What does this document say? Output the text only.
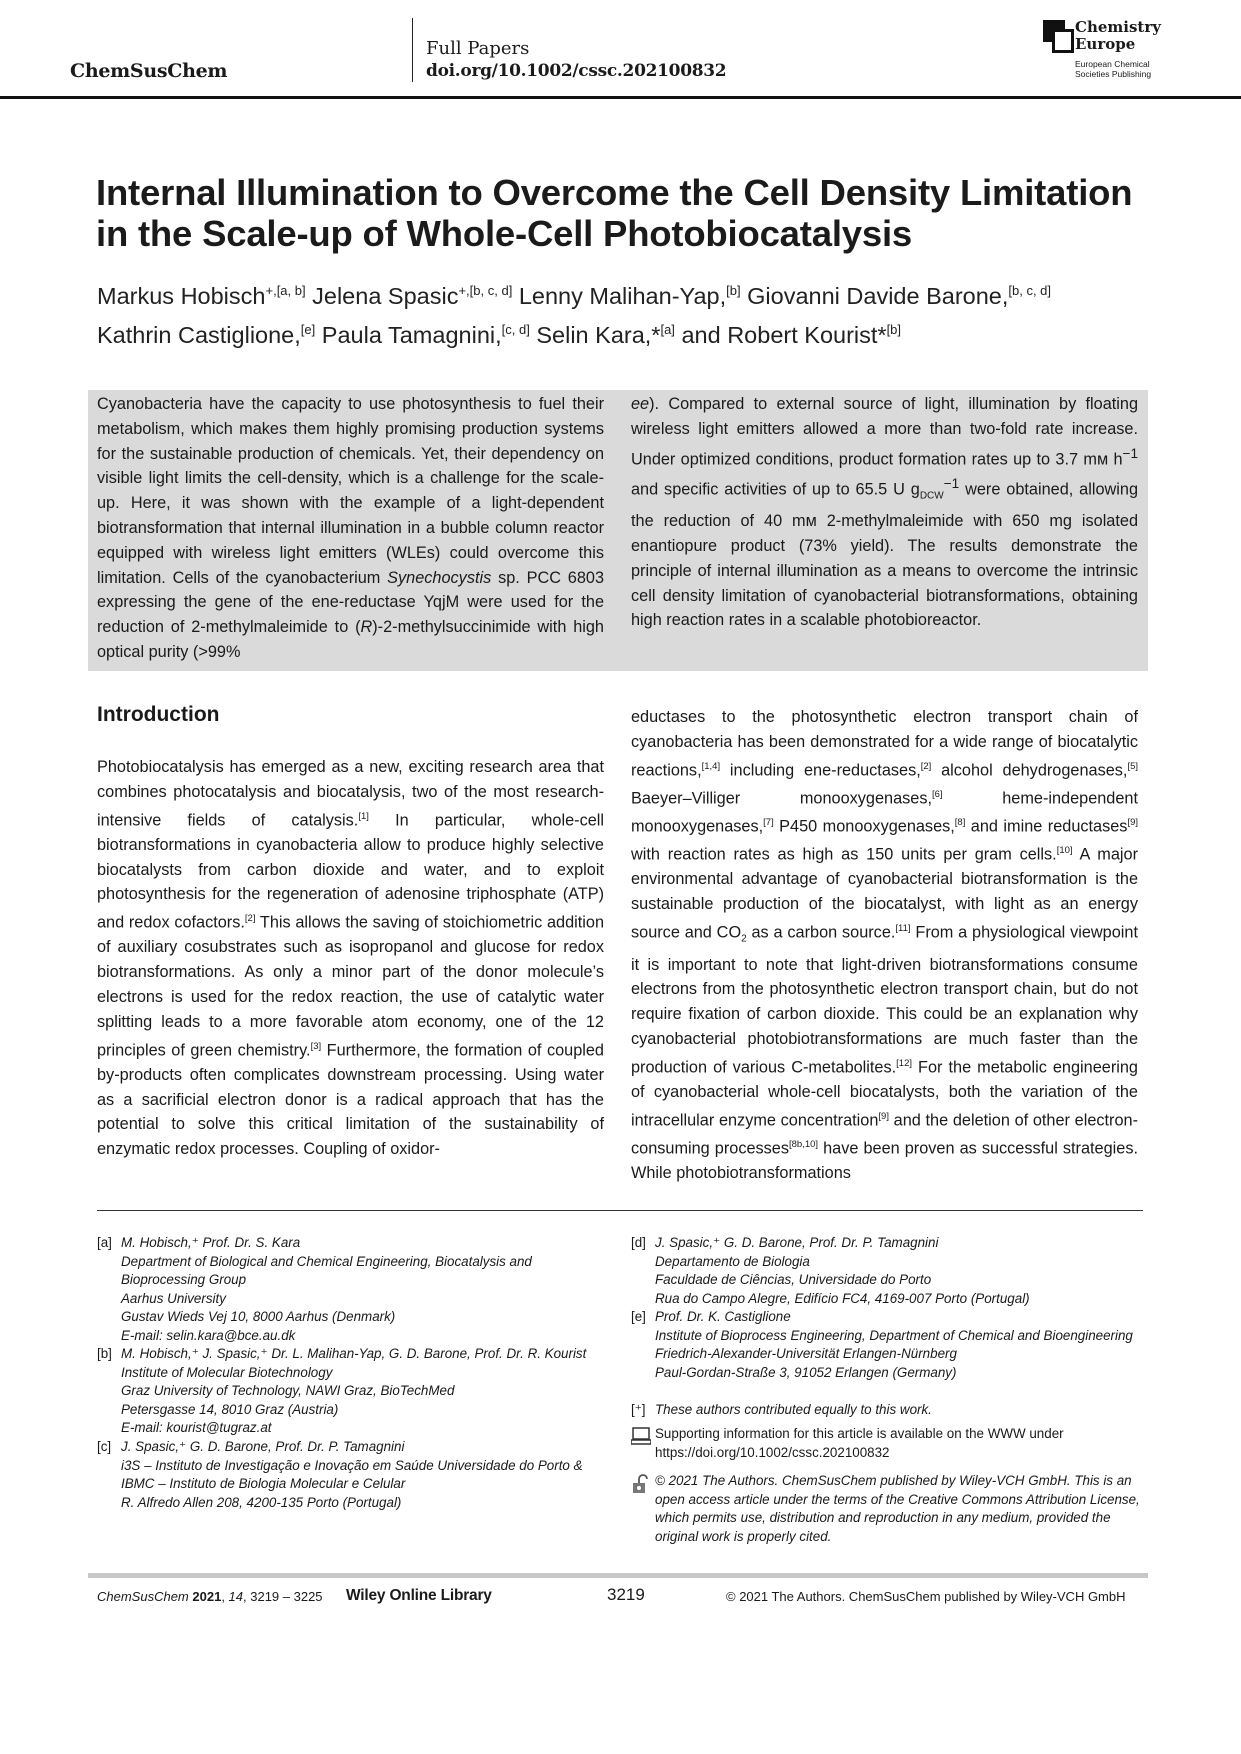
ChemSusChem
Full Papers
doi.org/10.1002/cssc.202100832
Chemistry
Europe
European Chemical
Societies Publishing
Internal Illumination to Overcome the Cell Density Limitation in the Scale-up of Whole-Cell Photobiocatalysis
Markus Hobisch$^{+,[a, b]}$ Jelena Spasic$^{+,[b, c, d]}$ Lenny Malihan-Yap,[b] Giovanni Davide Barone,[b, c, d]
Kathrin Castiglione,[e] Paula Tamagnini,[c, d] Selin Kara,*[a] and Robert Kourist*[b]
Cyanobacteria have the capacity to use photosynthesis to fuel their metabolism, which makes them highly promising production systems for the sustainable production of chemicals. Yet, their dependency on visible light limits the cell-density, which is a challenge for the scale-up. Here, it was shown with the example of a light-dependent biotransformation that internal illumination in a bubble column reactor equipped with wireless light emitters (WLEs) could overcome this limitation. Cells of the cyanobacterium Synechocystis sp. PCC 6803 expressing the gene of the ene-reductase YqjM were used for the reduction of 2-methylmaleimide to (R)-2-methylsuccinimide with high optical purity (>99%
ee). Compared to external source of light, illumination by floating wireless light emitters allowed a more than two-fold rate increase. Under optimized conditions, product formation rates up to 3.7 mᴍ $h^{-1}$ and specific activities of up to 65.5 U $g_{DCW}^{-1}$ were obtained, allowing the reduction of 40 mᴍ 2-methylmaleimide with 650 mg isolated enantiopure product (73% yield). The results demonstrate the principle of internal illumination as a means to overcome the intrinsic cell density limitation of cyanobacterial biotransformations, obtaining high reaction rates in a scalable photobioreactor.
Introduction
Photobiocatalysis has emerged as a new, exciting research area that combines photocatalysis and biocatalysis, two of the most research-intensive fields of catalysis.[1] In particular, whole-cell biotransformations in cyanobacteria allow to produce highly selective biocatalysts from carbon dioxide and water, and to exploit photosynthesis for the regeneration of adenosine triphosphate (ATP) and redox cofactors.[2] This allows the saving of stoichiometric addition of auxiliary cosubstrates such as isopropanol and glucose for redox biotransformations. As only a minor part of the donor molecule’s electrons is used for the redox reaction, the use of catalytic water splitting leads to a more favorable atom economy, one of the 12 principles of green chemistry.[3] Furthermore, the formation of coupled by-products often complicates downstream processing. Using water as a sacrificial electron donor is a radical approach that has the potential to solve this critical limitation of the sustainability of enzymatic redox processes. Coupling of oxidor-
eductases to the photosynthetic electron transport chain of cyanobacteria has been demonstrated for a wide range of biocatalytic reactions,[1,4] including ene-reductases,[2] alcohol dehydrogenases,[5] Baeyer–Villiger monooxygenases,[6] heme-independent monooxygenases,[7] P450 monooxygenases,[8] and imine reductases[9] with reaction rates as high as 150 units per gram cells.[10] A major environmental advantage of cyanobacterial biotransformation is the sustainable production of the biocatalyst, with light as an energy source and $CO_2$ as a carbon source.[11] From a physiological viewpoint it is important to note that light-driven biotransformations consume electrons from the photosynthetic electron transport chain, but do not require fixation of carbon dioxide. This could be an explanation why cyanobacterial photobiotransformations are much faster than the production of various C-metabolites.[12] For the metabolic engineering of cyanobacterial whole-cell biocatalysts, both the variation of the intracellular enzyme concentration[9] and the deletion of other electron-consuming processes[8b,10] have been proven as successful strategies. While photobiotransformations
[a] M. Hobisch,⁺ Prof. Dr. S. Kara
Department of Biological and Chemical Engineering, Biocatalysis and Bioprocessing Group
Aarhus University
Gustav Wieds Vej 10, 8000 Aarhus (Denmark)
E-mail: selin.kara@bce.au.dk
[b] M. Hobisch,⁺ J. Spasic,⁺ Dr. L. Malihan-Yap, G. D. Barone, Prof. Dr. R. Kourist
Institute of Molecular Biotechnology
Graz University of Technology, NAWI Graz, BioTechMed
Petersgasse 14, 8010 Graz (Austria)
E-mail: kourist@tugraz.at
[c] J. Spasic,⁺ G. D. Barone, Prof. Dr. P. Tamagnini
i3S – Instituto de Investigação e Inovação em Saúde Universidade do Porto & IBMC – Instituto de Biologia Molecular e Celular
R. Alfredo Allen 208, 4200-135 Porto (Portugal)
[d] J. Spasic,⁺ G. D. Barone, Prof. Dr. P. Tamagnini
Departamento de Biologia
Faculdade de Ciências, Universidade do Porto
Rua do Campo Alegre, Edifício FC4, 4169-007 Porto (Portugal)
[e] Prof. Dr. K. Castiglione
Institute of Bioprocess Engineering, Department of Chemical and Bioengineering
Friedrich-Alexander-Universität Erlangen-Nürnberg
Paul-Gordan-Straße 3, 91052 Erlangen (Germany)
[⁺] These authors contributed equally to this work.
Supporting information for this article is available on the WWW under https://doi.org/10.1002/cssc.202100832
© 2021 The Authors. ChemSusChem published by Wiley-VCH GmbH. This is an open access article under the terms of the Creative Commons Attribution License, which permits use, distribution and reproduction in any medium, provided the original work is properly cited.
ChemSusChem 2021, 14, 3219 – 3225 Wiley Online Library	3219	© 2021 The Authors. ChemSusChem published by Wiley-VCH GmbH
